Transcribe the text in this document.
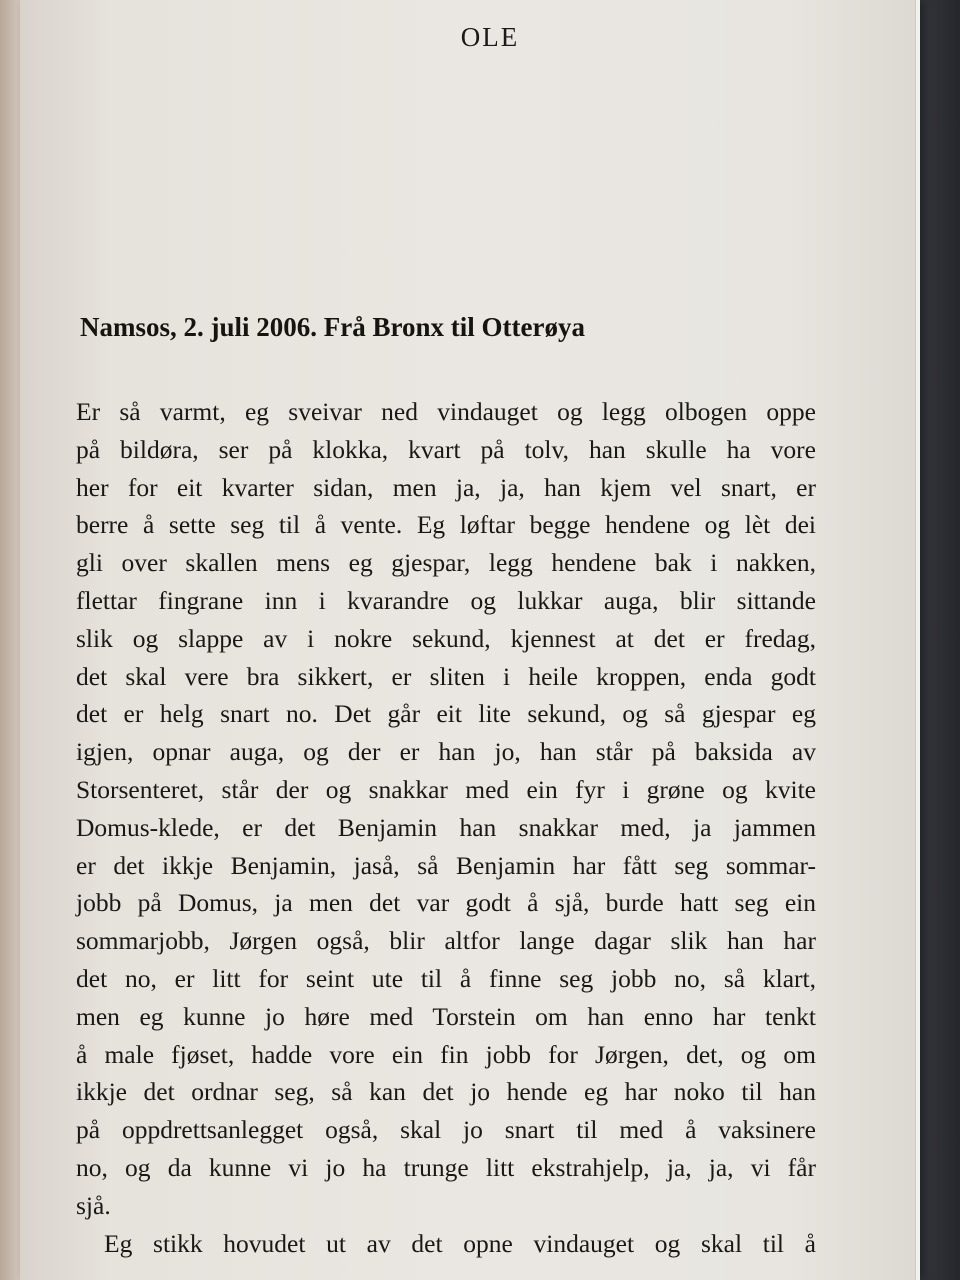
OLE
Namsos, 2. juli 2006. Frå Bronx til Otterøya
Er så varmt, eg sveivar ned vindauget og legg olbogen oppe
på bildøra, ser på klokka, kvart på tolv, han skulle ha vore
her for eit kvarter sidan, men ja, ja, han kjem vel snart, er
berre å sette seg til å vente. Eg løftar begge hendene og lèt dei
gli over skallen mens eg gjespar, legg hendene bak i nakken,
flettar fingrane inn i kvarandre og lukkar auga, blir sittande
slik og slappe av i nokre sekund, kjennest at det er fredag,
det skal vere bra sikkert, er sliten i heile kroppen, enda godt
det er helg snart no. Det går eit lite sekund, og så gjespar eg
igjen, opnar auga, og der er han jo, han står på baksida av
Storsenteret, står der og snakkar med ein fyr i grøne og kvite
Domus-klede, er det Benjamin han snakkar med, ja jammen
er det ikkje Benjamin, jaså, så Benjamin har fått seg sommar-
jobb på Domus, ja men det var godt å sjå, burde hatt seg ein
sommarjobb, Jørgen også, blir altfor lange dagar slik han har
det no, er litt for seint ute til å finne seg jobb no, så klart,
men eg kunne jo høre med Torstein om han enno har tenkt
å male fjøset, hadde vore ein fin jobb for Jørgen, det, og om
ikkje det ordnar seg, så kan det jo hende eg har noko til han
på oppdrettsanlegget også, skal jo snart til med å vaksinere
no, og da kunne vi jo ha trunge litt ekstrahjelp, ja, ja, vi får
sjå.
Eg stikk hovudet ut av det opne vindauget og skal til å
